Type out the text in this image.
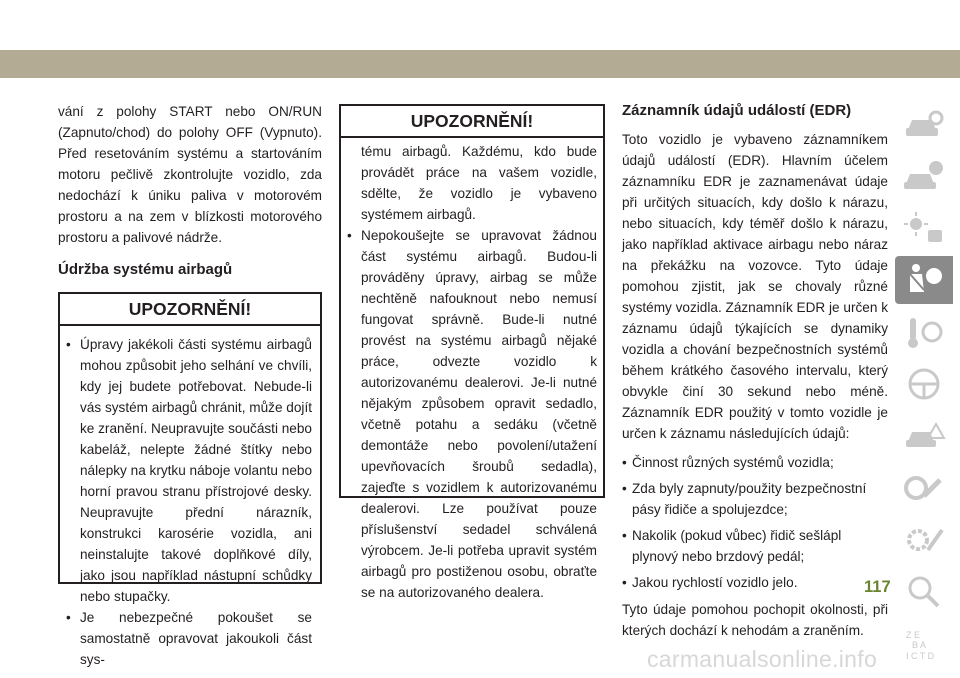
vání z polohy START nebo ON/RUN (Zapnuto/chod) do polohy OFF (Vypnuto). Před resetováním systému a startováním motoru pečlivě zkontrolujte vozidlo, zda nedochází k úniku paliva v motorovém prostoru a na zem v blízkosti motorového prostoru a palivové nádrže.

Údržba systému airbagů
UPOZORNĚNÍ!
• Úpravy jakékoli části systému airbagů mohou způsobit jeho selhání ve chvíli, kdy jej budete potřebovat. Nebude-li vás systém airbagů chránit, může dojít ke zranění. Neupravujte součásti nebo kabeláž, nelepte žádné štítky nebo nálepky na krytku náboje volantu nebo horní pravou stranu přístrojové desky. Neupravujte přední nárazník, konstrukci karosérie vozidla, ani neinstalujte takové doplňkové díly, jako jsou například nástupní schůdky nebo stupačky.
• Je nebezpečné pokoušet se samostatně opravovat jakoukoli část sys-
UPOZORNĚNÍ!
tému airbagů. Každému, kdo bude provádět práce na vašem vozidle, sdělte, že vozidlo je vybaveno systémem airbagů.
• Nepokoušejte se upravovat žádnou část systému airbagů. Budou-li prováděny úpravy, airbag se může nechtěně nafouknout nebo nemusí fungovat správně. Bude-li nutné provést na systému airbagů nějaké práce, odvezte vozidlo k autorizovanému dealerovi. Je-li nutné nějakým způsobem opravit sedadlo, včetně potahu a sedáku (včetně demontáže nebo povolení/utažení upevňovacích šroubů sedadla), zajeďte s vozidlem k autorizovanému dealerovi. Lze používat pouze příslušenství sedadel schválená výrobcem. Je-li potřeba upravit systém airbagů pro postiženou osobu, obraťte se na autorizovaného dealera.
Záznamník údajů událostí (EDR)

Toto vozidlo je vybaveno záznamníkem údajů událostí (EDR). Hlavním účelem záznamníku EDR je zaznamenávat údaje při určitých situacích, kdy došlo k nárazu, nebo situacích, kdy téměř došlo k nárazu, jako například aktivace airbagu nebo náraz na překážku na vozovce. Tyto údaje pomohou zjistit, jak se chovaly různé systémy vozidla. Záznamník EDR je určen k záznamu údajů týkajících se dynamiky vozidla a chování bezpečnostních systémů během krátkého časového intervalu, který obvykle činí 30 sekund nebo méně. Záznamník EDR použitý v tomto vozidle je určen k záznamu následujících údajů:

• Činnost různých systémů vozidla;
• Zda byly zapnuty/použity bezpečnostní pásy řidiče a spolujezdce;
• Nakolik (pokud vůbec) řidič sešlápl plynový nebo brzdový pedál;
• Jakou rychlostí vozidlo jelo.

Tyto údaje pomohou pochopit okolnosti, při kterých dochází k nehodám a zraněním.	Z E
B A
I C T D
117
carmanualsonline.info
